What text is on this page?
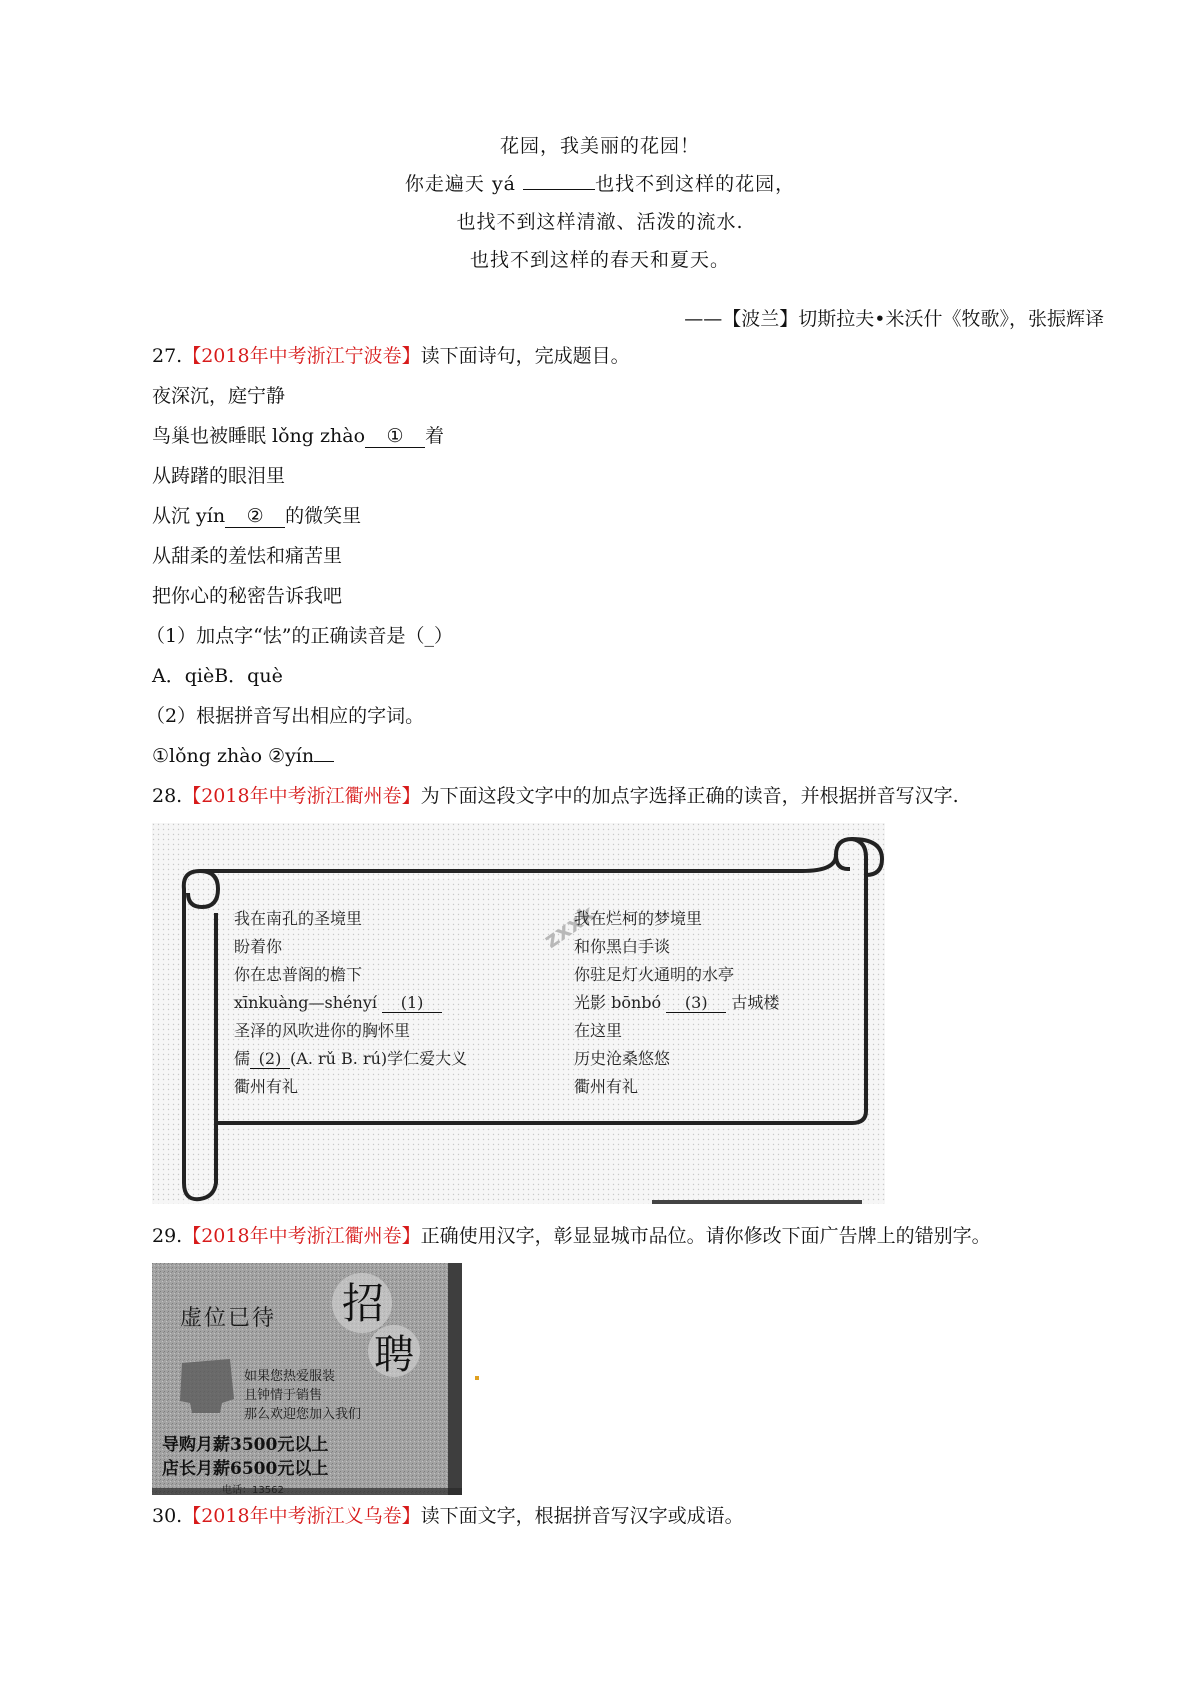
花园，我美丽的花园！
你走遍天 yá	也找不到这样的花园，
也找不到这样清澈、活泼的流水.
也找不到这样的春天和夏天。
——【波兰】切斯拉夫•米沃什《牧歌》，张振辉译
27.【2018年中考浙江宁波卷】读下面诗句，完成题目。
夜深沉，庭宁静
鸟巢也被睡眠 lǒng zhào ① 着
从踌躇的眼泪里
从沉 yín ② 的微笑里
从甜柔的羞怯和痛苦里
把你心的秘密告诉我吧
（1）加点字“怯”的正确读音是（_）
A．qièB．què
（2）根据拼音写出相应的字词。
①lǒng zhào ②yín
28.【2018年中考浙江衢州卷】为下面这段文字中的加点字选择正确的读音，并根据拼音写汉字.
我在南孔的圣境里
盼着你
你在忠普阁的檐下
xīnkuàng—shényí (1)
圣泽的风吹进你的胸怀里
儒 (2) (A. rǔ B. rú)学仁爱大义
衢州有礼
zxxk
我在烂柯的梦境里
和你黑白手谈
你驻足灯火通明的水亭
光影 bōnbó (3) 古城楼
在这里
历史沧桑悠悠
衢州有礼
29.【2018年中考浙江衢州卷】正确使用汉字，彰显显城市品位。请你修改下面广告牌上的错别字。
虚位已待 招
聘
如果您热爱服装
且钟情于销售
那么欢迎您加入我们
导购月薪3500元以上
店长月薪6500元以上
电话：13562
30.【2018年中考浙江义乌卷】读下面文字，根据拼音写汉字或成语。
